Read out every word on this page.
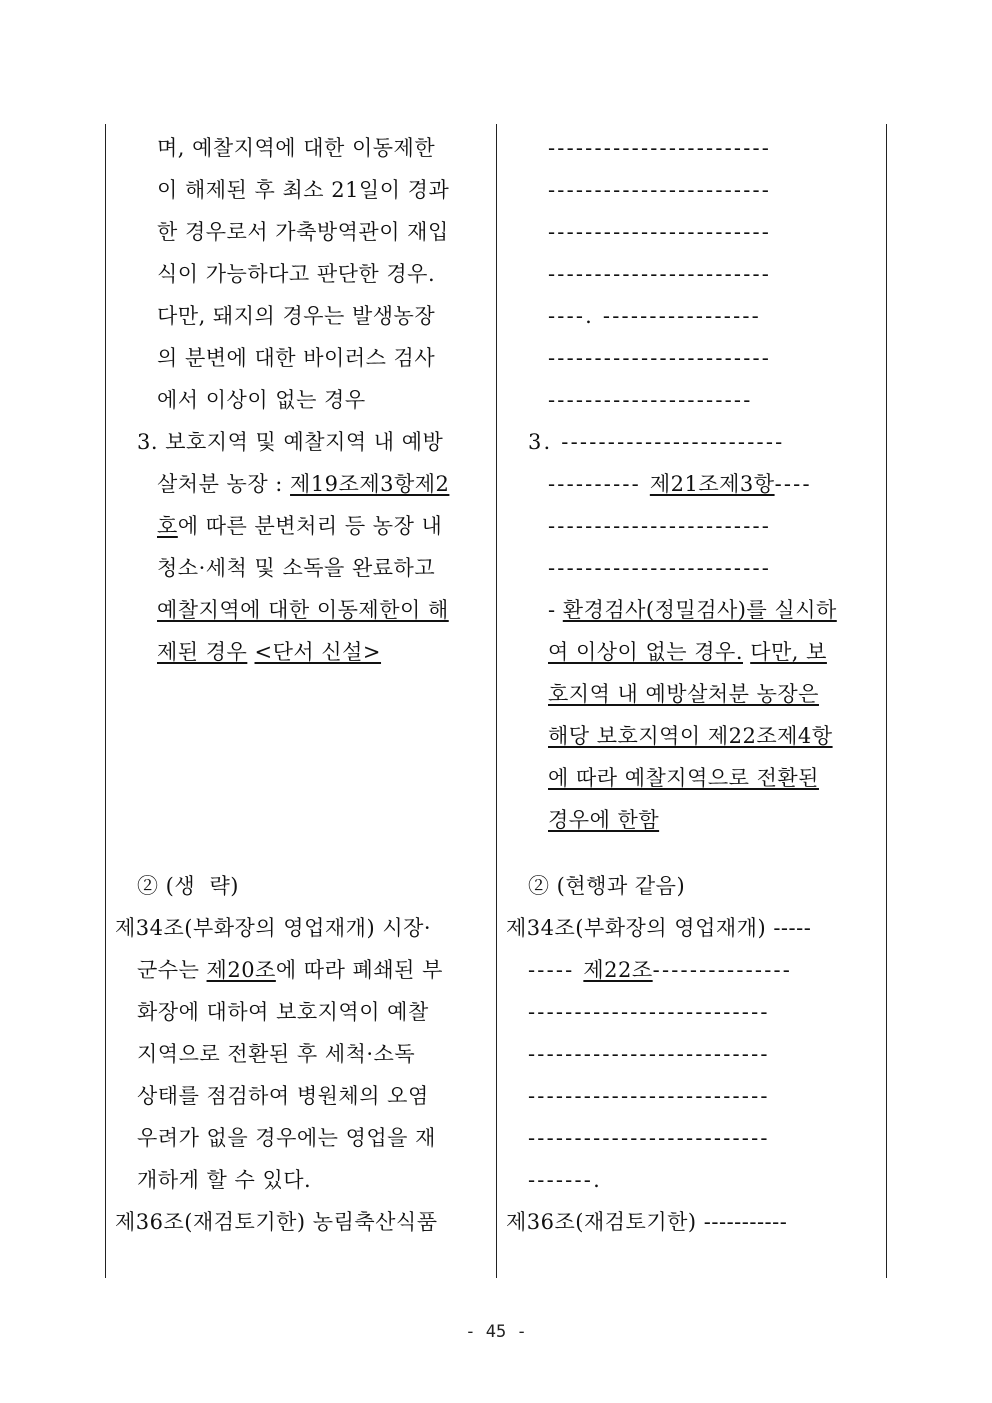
며, 예찰지역에 대한 이동제한
이 해제된 후 최소 21일이 경과
한 경우로서 가축방역관이 재입
식이 가능하다고 판단한 경우.
다만, 돼지의 경우는 발생농장
의 분변에 대한 바이러스 검사
에서 이상이 없는 경우
3. 보호지역 및 예찰지역 내 예방
살처분 농장 : 제19조제3항제2
호에 따른 분변처리 등 농장 내
청소·세척 및 소독을 완료하고
예찰지역에 대한 이동제한이 해
제된 경우 <단서 신설>
② (생  략)
제34조(부화장의 영업재개) 시장·
군수는 제20조에 따라 폐쇄된 부
화장에 대하여 보호지역이 예찰
지역으로 전환된 후 세척·소독
상태를 점검하여 병원체의 오염
우려가 없을 경우에는 영업을 재
개하게 할 수 있다.
제36조(재검토기한) 농림축산식품
------------------------
------------------------
------------------------
------------------------
----. -----------------
------------------------
----------------------
3. ------------------------
---------- 제21조제3항----
------------------------
------------------------
- 환경검사(정밀검사)를 실시하
여 이상이 없는 경우. 다만, 보
호지역 내 예방살처분 농장은
해당 보호지역이 제22조제4항
에 따라 예찰지역으로 전환된
경우에 한함
② (현행과 같음)
제34조(부화장의 영업재개) -----
----- 제22조---------------
--------------------------
--------------------------
--------------------------
--------------------------
-------.
제36조(재검토기한) -----------
- 45 -
